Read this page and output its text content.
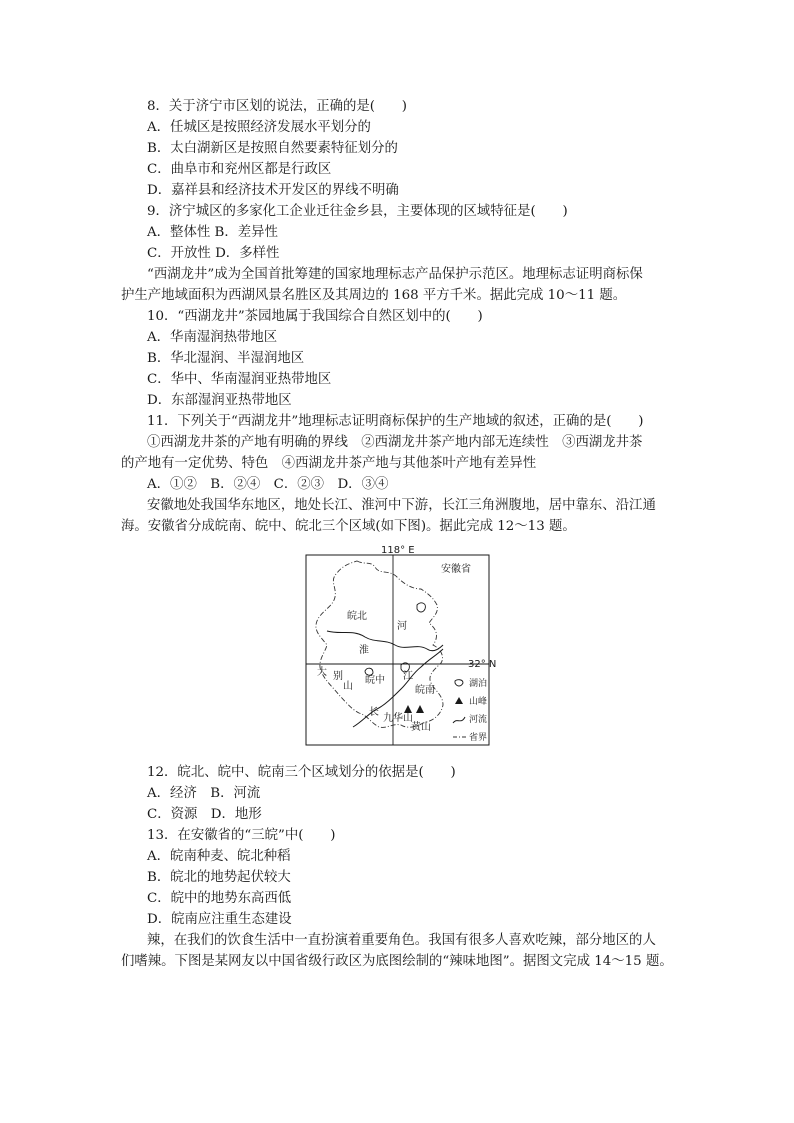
8．关于济宁市区划的说法，正确的是(　　)
A．任城区是按照经济发展水平划分的
B．太白湖新区是按照自然要素特征划分的
C．曲阜市和兖州区都是行政区
D．嘉祥县和经济技术开发区的界线不明确
9．济宁城区的多家化工企业迁往金乡县，主要体现的区域特征是(　　)
A．整体性 B．差异性
C．开放性 D．多样性
“西湖龙井”成为全国首批筹建的国家地理标志产品保护示范区。地理标志证明商标保
护生产地域面积为西湖风景名胜区及其周边的 168 平方千米。据此完成 10～11 题。
10．“西湖龙井”茶园地属于我国综合自然区划中的(　　)
A．华南湿润热带地区
B．华北湿润、半湿润地区
C．华中、华南湿润亚热带地区
D．东部湿润亚热带地区
11．下列关于“西湖龙井”地理标志证明商标保护的生产地域的叙述，正确的是(　　)
①西湖龙井茶的产地有明确的界线　②西湖龙井茶产地内部无连续性　③西湖龙井茶
的产地有一定优势、特色　④西湖龙井茶产地与其他茶叶产地有差异性
A．①②　B．②④　C．②③　D．③④
安徽地处我国华东地区，地处长江、淮河中下游，长江三角洲腹地，居中靠东、沿江通
海。安徽省分成皖南、皖中、皖北三个区域(如下图)。据此完成 12～13 题。
118° E
32° N
安徽省
皖北
皖中
皖南
河
淮
江
长
大 别
山
九华山
黄山
湖泊
山峰
河流
省界
12．皖北、皖中、皖南三个区域划分的依据是(　　)
A．经济　B．河流
C．资源　D．地形
13．在安徽省的“三皖”中(　　)
A．皖南种麦、皖北种稻
B．皖北的地势起伏较大
C．皖中的地势东高西低
D．皖南应注重生态建设
辣，在我们的饮食生活中一直扮演着重要角色。我国有很多人喜欢吃辣，部分地区的人
们嗜辣。下图是某网友以中国省级行政区为底图绘制的“辣味地图”。据图文完成 14～15 题。
